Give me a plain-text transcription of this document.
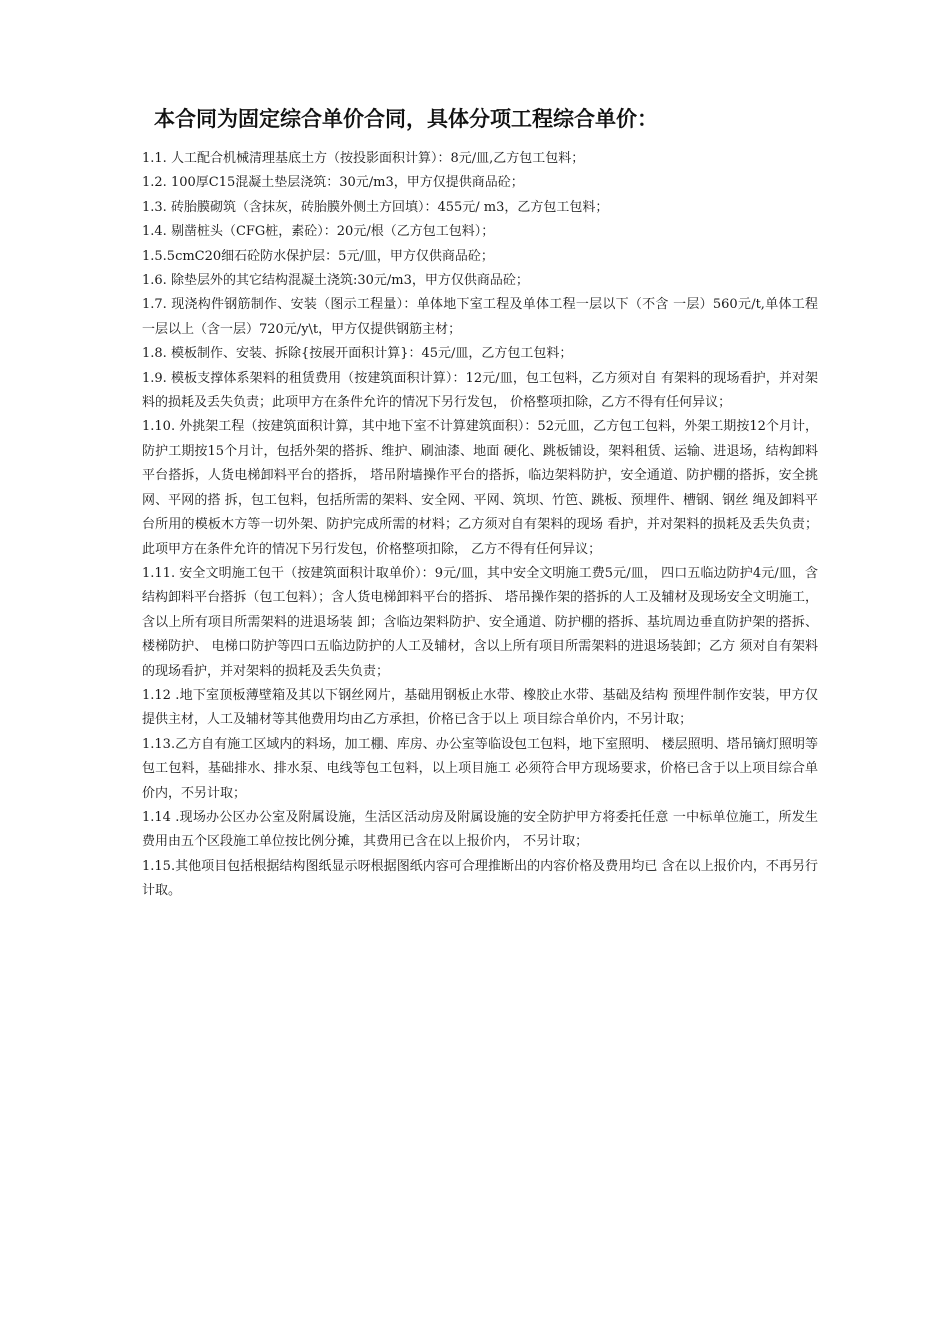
本合同为固定综合单价合同，具体分项工程综合单价：

1.1. 人工配合机械清理基底土方（按投影面积计算）：8元/皿,乙方包工包料；

1.2. 100厚C15混凝土垫层浇筑：30元/m3，甲方仅提供商品砼；

1.3. 砖胎膜砌筑（含抹灰，砖胎膜外侧土方回填）：455元/ m3，乙方包工包料；

1.4. 剔凿桩头（CFG桩，素砼）：20元/根（乙方包工包料）；

1.5.5cmC20细石砼防水保护层：5元/皿，甲方仅供商品砼；

1.6. 除垫层外的其它结构混凝土浇筑:30元/m3，甲方仅供商品砼；

1.7. 现浇构件钢筋制作、安装（图示工程量）：单体地下室工程及单体工程一层以下（不含 一层）560元/t,单体工程一层以上（含一层）720元/y\t，甲方仅提供钢筋主材；

1.8. 模板制作、安装、拆除{按展开面积计算}：45元/皿，乙方包工包料；

1.9. 模板支撑体系架料的租赁费用（按建筑面积计算）：12元/皿，包工包料，乙方须对自 有架料的现场看护，并对架料的损耗及丢失负责；此项甲方在条件允许的情况下另行发包， 价格整项扣除，乙方不得有任何异议；

1.10. 外挑架工程（按建筑面积计算，其中地下室不计算建筑面积）：52元皿，乙方包工包料，外架工期按12个月计，防护工期按15个月计，包括外架的搭拆、维护、刷油漆、地面 硬化、跳板铺设，架料租赁、运输、进退场，结构卸料平台搭拆，人货电梯卸料平台的搭拆， 塔吊附墙操作平台的搭拆，临边架料防护，安全通道、防护棚的搭拆，安全挑网、平网的搭 拆，包工包料，包括所需的架料、安全网、平网、筑坝、竹笆、跳板、预埋件、槽钢、钢丝 绳及卸料平台所用的模板木方等一切外架、防护完成所需的材料；乙方须对自有架料的现场 看护，并对架料的损耗及丢失负责；此项甲方在条件允许的情况下另行发包，价格整项扣除， 乙方不得有任何异议；

1.11. 安全文明施工包干（按建筑面积计取单价）：9元/皿，其中安全文明施工费5元/皿， 四口五临边防护4元/皿，含结构卸料平台搭拆（包工包料）；含人货电梯卸料平台的搭拆、 塔吊操作架的搭拆的人工及辅材及现场安全文明施工，含以上所有项目所需架料的进退场装 卸；含临边架料防护、安全通道、防护棚的搭拆、基坑周边垂直防护架的搭拆、楼梯防护、 电梯口防护等四口五临边防护的人工及辅材，含以上所有项目所需架料的进退场装卸；乙方 须对自有架料的现场看护，并对架料的损耗及丢失负责；

1.12 .地下室顶板薄壁箱及其以下钢丝网片，基础用钢板止水带、橡胶止水带、基础及结构 预埋件制作安装，甲方仅提供主材，人工及辅材等其他费用均由乙方承担，价格已含于以上 项目综合单价内，不另计取；

1.13.乙方自有施工区域内的料场，加工棚、库房、办公室等临设包工包料，地下室照明、 楼层照明、塔吊镝灯照明等包工包料，基础排水、排水泵、电线等包工包料，以上项目施工 必须符合甲方现场要求，价格已含于以上项目综合单价内，不另计取；

1.14 .现场办公区办公室及附属设施，生活区活动房及附属设施的安全防护甲方将委托任意 一中标单位施工，所发生费用由五个区段施工单位按比例分摊，其费用已含在以上报价内， 不另计取；

1.15.其他项目包括根据结构图纸显示呀根据图纸内容可合理推断出的内容价格及费用均已 含在以上报价内，不再另行计取。
